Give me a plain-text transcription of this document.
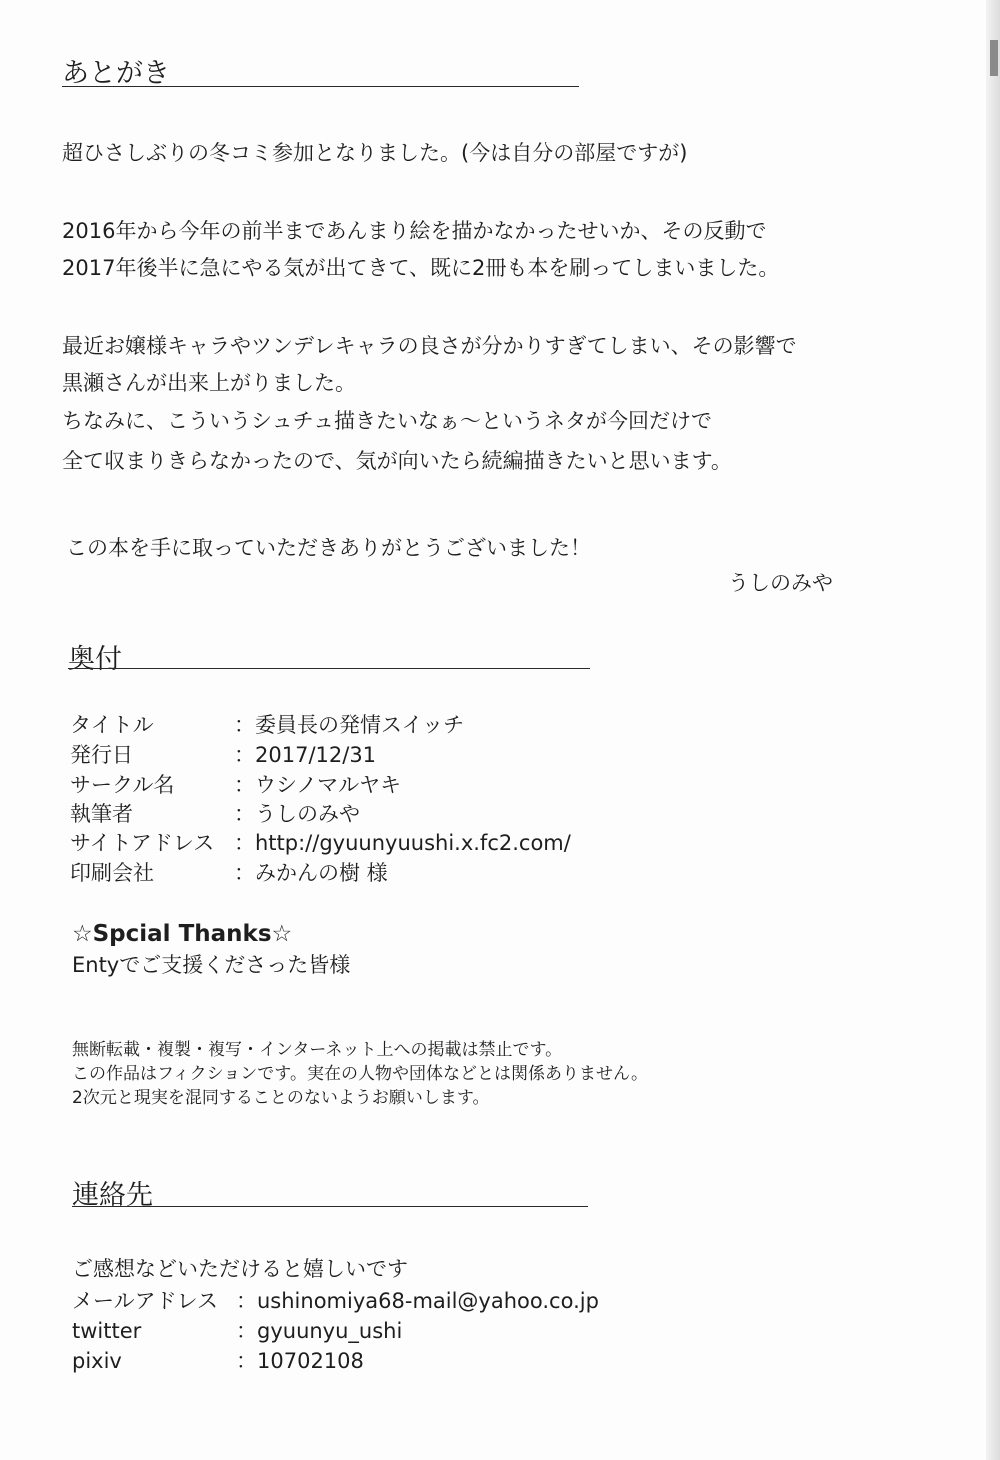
あとがき
超ひさしぶりの冬コミ参加となりました。(今は自分の部屋ですが)
2016年から今年の前半まであんまり絵を描かなかったせいか、その反動で
2017年後半に急にやる気が出てきて、既に2冊も本を刷ってしまいました。
最近お嬢様キャラやツンデレキャラの良さが分かりすぎてしまい、その影響で
黒瀬さんが出来上がりました。
ちなみに、こういうシュチュ描きたいなぁ〜というネタが今回だけで
全て収まりきらなかったので、気が向いたら続編描きたいと思います。
この本を手に取っていただきありがとうございました！
うしのみや
奥付
タイトル	：委員長の発情スイッチ
発行日	：2017/12/31
サークル名	：ウシノマルヤキ
執筆者	：うしのみや
サイトアドレス ：http://gyuunyuushi.x.fc2.com/
印刷会社	：みかんの樹 様
☆Spcial Thanks☆
Entyでご支援くださった皆様
無断転載・複製・複写・インターネット上への掲載は禁止です。
この作品はフィクションです。実在の人物や団体などとは関係ありません。
2次元と現実を混同することのないようお願いします。
連絡先
ご感想などいただけると嬉しいです
メールアドレス ：ushinomiya68-mail@yahoo.co.jp
twitter	：gyuunyu_ushi
pixiv	：10702108
